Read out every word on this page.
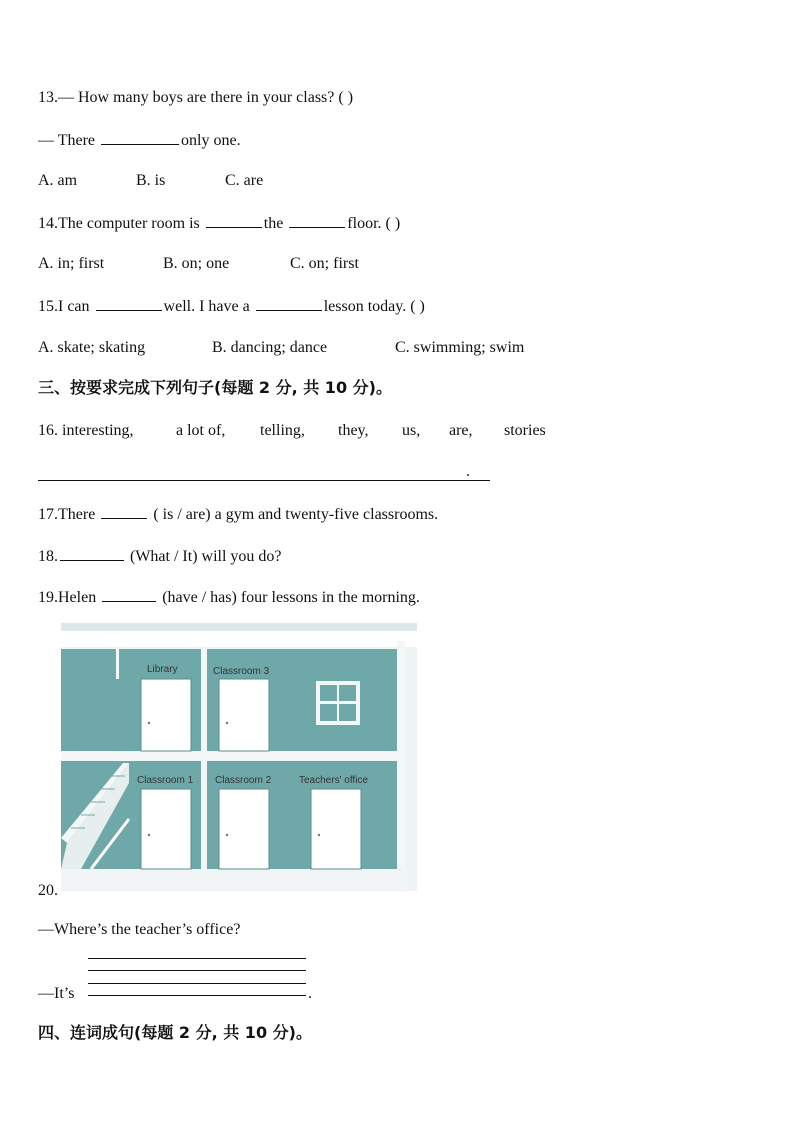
13.— How many boys are there in your class? ( )
— There	only one.
A. am	B. is	C. are
14.The computer room is	the	floor. ( )
A. in; first	B. on; one	C. on; first
15.I can	well. I have a	lesson today. ( )
A. skate; skating	B. dancing; dance	C. swimming; swim
三、按要求完成下列句子(每题 2 分, 共 10 分)。
16. interesting,	a lot of, telling, they, us, are, stories
.
17.There	( is / are) a gym and twenty-five classrooms.
18.	(What / It) will you do?
19.Helen	(have / has) four lessons in the morning.
Library	Classroom 3
Classroom 1 Classroom 2	Teachers' office
20.
—Where’s the teacher’s office?
—It’s	.
四、连词成句(每题 2 分, 共 10 分)。
